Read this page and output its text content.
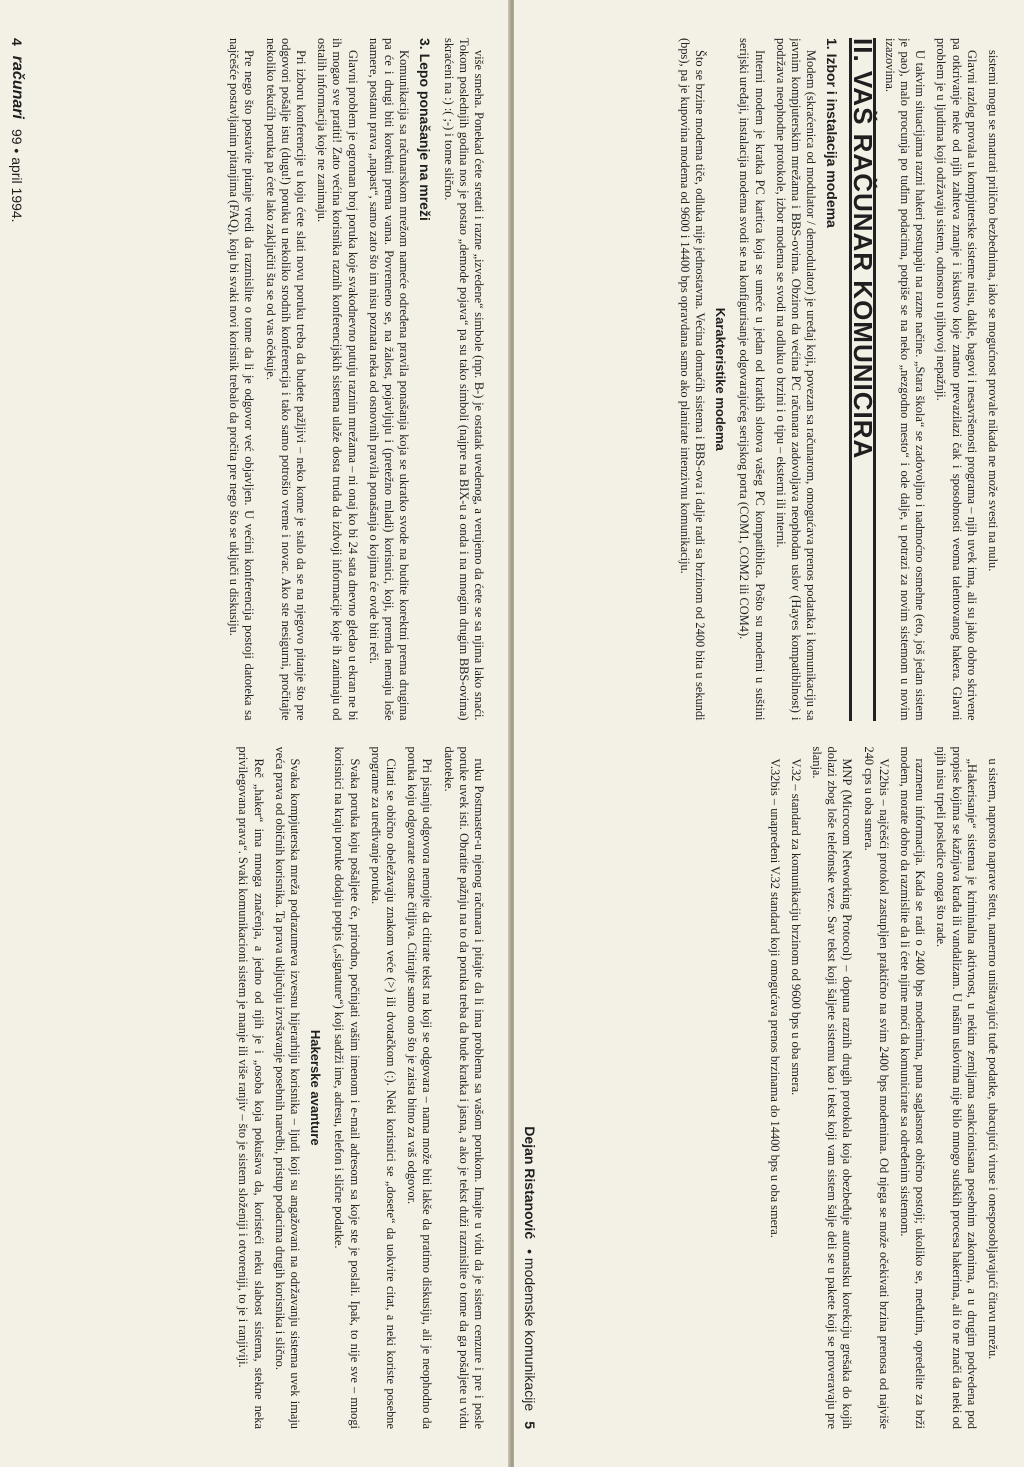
više smeha. Ponekad ćete sretati i razne „izvedene“ simbole (npr. B-) je ostatak uvedenog, a verujemo da ćete se sa njima lako snaći. Tokom poslednjih godina nos je postao „demode pojava“ pa su tako simboli (najpre na BIX-u a onda i na mnogim drugim BBS-ovima) skraćeni na :) :( ;-) i tome slično.

3. Lepo ponašanje na mreži

Komunikacija sa računarskom mrežom nameće određena pravila ponašanja koja se ukratko svode na budite korektni prema drugima pa će i drugi biti korektni prema vama. Povremeno se, na žalost, pojavljuju i (pretežno mladi) korisnici, koji, premda nemaju loše namere, postanu prava „napast“, samo zato što im nisu poznata neka od osnovnih pravila ponašanja o kojima će ovde biti reči.

Glavni problem je ogroman broj poruka koje svakodnevno putuju raznim mrežama – ni onaj ko bi 24 sata dnevno gledao u ekran ne bi ih mogao sve pratiti! Zato većina korisnika raznih konferencijskih sistema ulaže dosta truda da izdvoji informacije koje ih zanimaju od ostalih informacija koje ne zanimaju.

Pri izboru konferencije u koju ćete slati novu poruku treba da budete pažljivi – neko kome je stalo da se na njegovo pitanje što pre odgovori pošalje istu (dugu!) poruku u nekoliko srodnih konferencija i tako samo potrošio vreme i novac. Ako ste nesigurni, pročitajte nekoliko tekućih poruka pa ćete lako zaključiti šta se od vas očekuje.

Pre nego što postavite pitanje vredi da razmislite o tome da li je odgovor već objavljen. U većini konferencija postoji datoteka sa najčešće postavljanim pitanjima (FAQ), koju bi svaki novi korisnik trebalo da pročita pre nego što se uključi u diskusiju.

ruku Postmaster-u njenog računara i pitajte da li ima problema sa vašom porukom. Imajte u vidu da je sistem cenzure i pre i posle poruke uvek isti. Obratite pažnju na to da poruka treba da bude kratka i jasna, a ako je tekst duži razmislite o tome da ga pošaljete u vidu datoteke.

Pri pisanju odgovora nemojte da citirate tekst na koji se odgovara – nama može biti lakše da pratimo diskusiju, ali je neophodno da poruka koju odgovarate ostane čitljiva. Citirajte samo ono što je zaista bitno za vaš odgovor.

Citati se obično obeležavaju znakom veće (>) ili dvotačkom (:). Neki korisnici se „dosete“ da uokvire citat, a neki koriste posebne programe za uređivanje poruka.

Svaka poruka koju pošaljete će, prirodno, počinjati vašim imenom i e-mail adresom sa koje ste je poslali. Ipak, to nije sve – mnogi korisnici na kraju poruke dodaju potpis („signature“) koji sadrži ime, adresu, telefon i slične podatke.

Hakerske avanture

Svaka kompjuterska mreža podrazumeva izvesnu hijerarhiju korisnika – ljudi koji su angažovani na održavanju sistema uvek imaju veća prava od običnih korisnika. Ta prava uključuju izvršavanje posebnih naredbi, pristup podacima drugih korisnika i slično.

Reč „haker“ ima mnoga značenja, a jedno od njih je i „osoba koja pokušava da, koristeći neku slabost sistema, stekne neka privilegovana prava“. Svaki komunikacioni sistem je manje ili više ranjiv – što je sistem složeniji i otvoreniji, to je i ranjiviji.

4
računari
99 • april 1994.	sistemi mogu se smatrati prilično bezbednima, iako se mogućnost provale nikada ne može svesti na nulu.

Glavni razlog provala u kompjuterske sisteme nisu, dakle, bagovi i nesavršenosti programa – njih uvek ima, ali su jako dobro skrivene pa otkrivanje neke od njih zahteva znanje i iskustvo koje znatno prevazilazi čak i sposobnosti veoma talentovanog hakera. Glavni problem je u ljudima koji održavaju sistem, odnosno u njihovoj nepažnji.

U takvim situacijama razni hakeri postupaju na razne načine. „Stara škola“ se zadovoljno i nadmoćno osmehne (eto, još jedan sistem je pao), malo procunja po tuđim podacima, potpiše se na neko „nezgodno mesto“ i ode dalje, u potrazi za novim sistemom u novim izazovima.

II. VAŠ RAČUNAR KOMUNICIRA
1. Izbor i instalacija modema

Modem (skraćenica od modulator / demodulator) je uređaj koji, povezan sa računarom, omogućava prenos podataka i komunikaciju sa javnim kompjuterskim mrežama i BBS-ovima. Obziron da većina PC računara zadovoljava neophodan uslov (Hayes kompatibilnost) i podržava neophodne protokole, izbor modema se svodi na odluku o brzini i o tipu – eksterni ili interni.

Interni modem je kratka PC kartica koja se umeće u jedan od kratkih slotova vašeg PC kompatibilca. Pošto su modemi u suštini serijski uređaji, instalacija modema svodi se na konfigurisanje odgovarajućeg serijskog porta (COM1, COM2 ili COM4).

Karakteristike modema

Što se brzine modema tiče, odluka nije jednostavna. Većina domaćih sistema i BBS-ova i dalje radi sa brzinom od 2400 bita u sekundi (bps), pa je kupovina modema od 9600 i 14400 bps opravdana samo ako planirate intenzivnu komunikaciju.

u sistem, naprosto naprave štetu, namerno uništavajući tuđe podatke, ubacujući viruse i onesposobljavajući čitavu mrežu.

„Hakerisanje“ sistema je kriminalna aktivnost, u nekim zemljama sankcionisana posebnim zakonima, a u drugim podvedena pod propise kojima se kažnjava krađa ili vandalizam. U našim uslovima nije bilo mnogo sudskih procesa hakerima, ali to ne znači da neki od njih nisu trpeli posledice onoga što rade.

razmenu informacija. Kada se radi o 2400 bps modemima, puna saglasnost obično postoji; ukoliko se, međutim, opredelite za brži modem, morate dobro da razmislite da li ćete njime moći da komunicirate sa određenim sistemom.

V.22bis – najčešći protokol zastupljen praktično na svim 2400 bps modemima. Od njega se može očekivati brzina prenosa od najviše 240 cps u oba smera.

MNP (Microcom Networking Protocol) – dopuna raznih drugih protokola koja obezbeđuje automatsku korekciju grešaka do kojih dolazi zbog loše telefonske veze. Sav tekst koji šaljete sistemu kao i tekst koji vam sistem šalje deli se u pakete koji se proveravaju pre slanja.

V.32 – standard za komunikaciju brzinom od 9600 bps u oba smera.

V.32bis – unapređeni V.32 standard koji omogućava prenos brzinama do 14400 bps u oba smera.

Dejan Ristanović
• modemske komunikacije
5
